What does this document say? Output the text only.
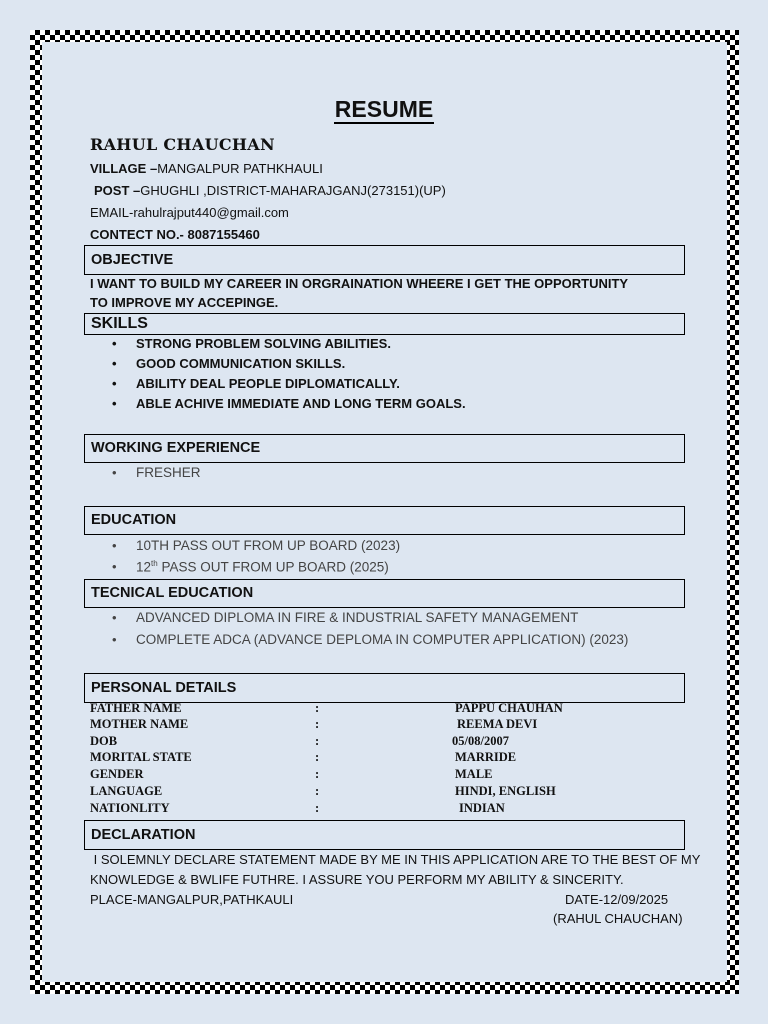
RESUME
RAHUL CHAUCHAN
VILLAGE –MANGALPUR PATHKHAULI
POST –GHUGHLI ,DISTRICT-MAHARAJGANJ(273151)(UP)
EMAIL-rahulrajput440@gmail.com
CONTECT NO.- 8087155460
OBJECTIVE
I WANT TO BUILD MY CAREER IN ORGRAINATION WHEERE I GET THE OPPORTUNITY
TO IMPROVE MY ACCEPINGE.
SKILLS
STRONG PROBLEM SOLVING ABILITIES.
GOOD COMMUNICATION SKILLS.
ABILITY DEAL PEOPLE DIPLOMATICALLY.
ABLE ACHIVE IMMEDIATE AND LONG TERM GOALS.
WORKING EXPERIENCE
FRESHER
EDUCATION
10TH PASS OUT FROM UP BOARD (2023)
12th PASS OUT FROM UP BOARD (2025)
TECNICAL EDUCATION
ADVANCED DIPLOMA IN FIRE & INDUSTRIAL SAFETY MANAGEMENT
COMPLETE ADCA (ADVANCE DEPLOMA IN COMPUTER APPLICATION) (2023)
PERSONAL DETAILS
FATHER NAME	:	PAPPU CHAUHAN
MOTHER NAME	:	REEMA DEVI
DOB	:	05/08/2007
MORITAL STATE	:	MARRIDE
GENDER	:	MALE
LANGUAGE	:	HINDI, ENGLISH
NATIONLITY	:	INDIAN
DECLARATION
I SOLEMNLY DECLARE STATEMENT MADE BY ME IN THIS APPLICATION ARE TO THE BEST OF MY
KNOWLEDGE & BWLIFE FUTHRE. I ASSURE YOU PERFORM MY ABILITY & SINCERITY.
PLACE-MANGALPUR,PATHKAULI	DATE-12/09/2025
(RAHUL CHAUCHAN)
